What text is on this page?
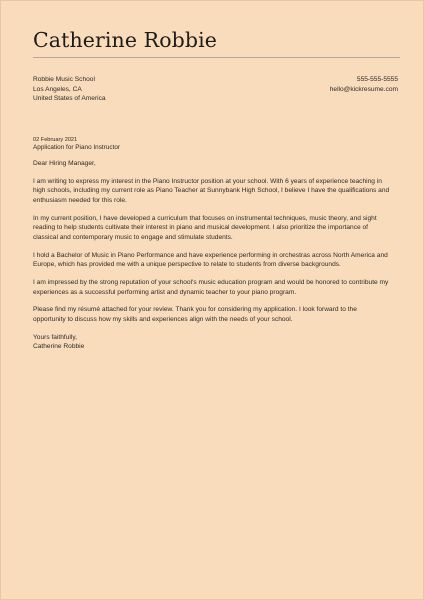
Catherine Robbie
Robbie Music School
Los Angeles, CA
United States of America
555-555-5555
hello@kickresume.com
02 February 2021
Application for Piano Instructor

Dear Hiring Manager,

I am writing to express my interest in the Piano Instructor position at your school. With 6 years of experience teaching in
high schools, including my current role as Piano Teacher at Sunnybank High School, I believe I have the qualifications and
enthusiasm needed for this role.

In my current position, I have developed a curriculum that focuses on instrumental techniques, music theory, and sight
reading to help students cultivate their interest in piano and musical development. I also prioritize the importance of
classical and contemporary music to engage and stimulate students.

I hold a Bachelor of Music in Piano Performance and have experience performing in orchestras across North America and
Europe, which has provided me with a unique perspective to relate to students from diverse backgrounds.

I am impressed by the strong reputation of your school's music education program and would be honored to contribute my
experiences as a successful performing artist and dynamic teacher to your piano program.

Please find my résumé attached for your review. Thank you for considering my application. I look forward to the
opportunity to discuss how my skills and experiences align with the needs of your school.

Yours faithfully,
Catherine Robbie
